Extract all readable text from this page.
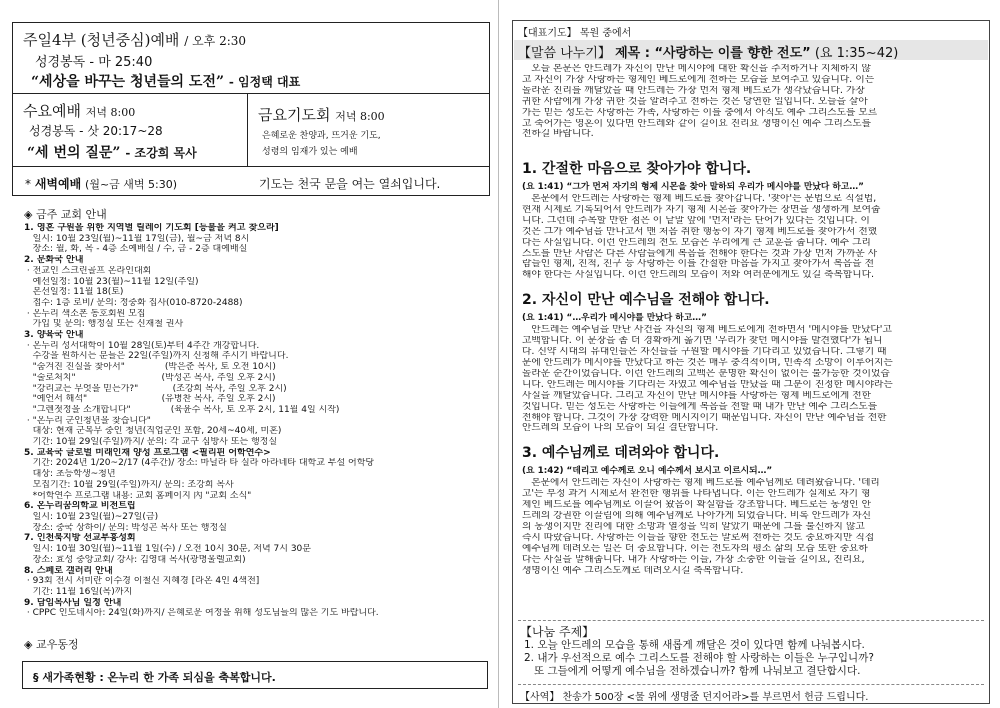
주일4부 (청년중심)예배 / 오후 2:30
성경봉독 - 마 25:40
“세상을 바꾸는 청년들의 도전” - 임정택 대표
수요예배 저녁 8:00
성경봉독 - 삿 20:17~28
“세 번의 질문” - 조강희 목사
금요기도회 저녁 8:00
은혜로운 찬양과, 뜨거운 기도,
성령의 임재가 있는 예배
* 새벽예배 (월~금 새벽 5:30)	기도는 천국 문을 여는 열쇠입니다.
◈ 금주 교회 안내
1. 영혼 구원을 위한 지역별 릴레이 기도회 [등불을 켜고 찾으라]
일시: 10월 23일(월)~11월 17일(금), 월~금 저녁 8시
장소: 월, 화, 목 - 4층 소예배실 / 수, 금 - 2층 대예배실
2. 문화국 안내
· 전교인 스크린골프 온라인대회
예선일정: 10월 23(월)~11월 12일(주일)
본선일정: 11월 18(토)
접수: 1층 로비/ 문의: 정중화 집사(010-8720-2488)
· 온누리 색소폰 동호회원 모집
가입 및 문의: 행정실 또는 신재철 권사
3. 양육국 안내
· 온누리 성서대학이 10월 28일(토)부터 4주간 개강합니다.
수강을 원하시는 분들은 22일(주일)까지 신청해 주시기 바랍니다.
"숨겨진 진실을 찾아서"              (박은준 목사, 토 오전 10시)
"술로처치"                              (박성곤 목사, 주일 오후 2시)
"강리교는 무엇을 믿는가?"            (조강희 목사, 주일 오후 2시)
"예언서 해석"                          (유병찬 목사, 주일 오후 2시)
"그렌젓정을 소개합니다"              (육윤수 목사, 토 오후 2시, 11월 4일 시작)
· "온누리 군인청년을 찾습니다"
대상: 현재 군복무 중인 청년(직업군인 포함, 20세~40세, 미혼)
기간: 10월 29일(주일)까지/ 문의: 각 교구 심방사 또는 행정실
5. 교육국 글로벌 미래인재 양성 프로그램 <필리핀 어학연수>
기간: 2024년 1/20~2/17 (4주간)/ 장소: 마닐라 타 실라 아라네타 대학교 부설 어학당
대상: 초등학생~청년
모집기간: 10월 29일(주일)까지/ 문의: 조강희 목사
*어학연수 프로그램 내용: 교회 홈페이지 內 "교회 소식"
6. 온누리꿈의학교 비전트립
일시: 10월 23일(월)~27일(금)
장소: 중국 상하이/ 문의: 박성곤 목사 또는 행정실
7. 인천북지방 선교부흥성회
일시: 10월 30일(월)~11월 1일(수) / 오전 10시 30분, 저녁 7시 30분
장소: 효성 중앙교회/ 강사: 김영대 목사(광명울렐교회)
8. 스페로 갤러리 안내
· 93회 전시 서미란 이수경 이철신 지혜경 [라온 4인 4색전]
기간: 11월 16일(목)까지
9. 담임목사님 일정 안내
· CPPC 인도네시아: 24일(화)까지/ 은혜로운 여정을 위해 성도님들의 많은 기도 바랍니다.
◈ 교우동정
§ 새가족현황 : 온누리 한 가족 되심을 축복합니다.
【대표기도】 목원 중에서
【말씀 나누기】 제목 : “사랑하는 이를 향한 전도” (요 1:35~42)
오늘 본문은 안드레가 자신이 만난 메시야에 대한 확신을 주저하거나 지체하지 않
고 자신이 가장 사랑하는 형제인 베드로에게 전하는 모습을 보여주고 있습니다. 이는
놀라운 진리를 깨달았을 때 안드레는 가장 먼저 형제 베드로가 생각났습니다. 가장
귀한 사람에게 가장 귀한 것을 알려주고 전하는 것은 당연한 일입니다. 오늘을 살아
가는 믿는 성도는 사랑하는 가족, 사랑하는 이를 충에서 아직도 예수 그리스도를 모르
고 죽어가는 영혼이 있다면 안드레와 같이 길이요 진리요 생명이신 예수 그리스도를
전하길 바랍니다.
1. 간절한 마음으로 찾아가야 합니다.
(요 1:41) “그가 먼저 자기의 형제 시몬을 찾아 말하되 우리가 메시야를 만났다 하고…”
본문에서 안드레는 사랑하는 형제 베드로를 찾아갑니다. '찾아'는 문법으로 직설법,
현재 시제로 기록되어서 안드레가 자기 형제 시몬을 찾아가는 장면을 생생하게 보여줍
니다. 그런데 주목할 만한 점은 이 낱말 앞에 '먼저'라는 단어가 있다는 것입니다. 이
것은 그가 예수님을 만나고서 맨 처음 취한 행동이 자기 형제 베드로를 찾아가서 전했
다는 사실입니다. 이런 안드레의 전도 모습은 우리에게 큰 교훈을 줍니다. 예수 그리
스도를 만난 사람은 다른 사람들에게 복음을 전해야 한다는 것과 가장 먼저 가까운 사
람들인 형제, 친척, 친구 등 사랑하는 이를 간절한 마음을 가지고 찾아가서 복음을 전
해야 한다는 사실입니다. 이런 안드레의 모습이 저와 여러분에게도 있길 축복합니다.
2. 자신이 만난 예수님을 전해야 합니다.
(요 1:41) “…우리가 메시야를 만났다 하고…”
안드레는 예수님을 만난 사건을 자신의 형제 베드로에게 전하면서 '메시야를 만났다'고
고백합니다. 이 문장을 좀 더 경확하게 옮기면 '우리가 찾던 메시야를 발견했다'가 됩니
다. 신약 시대의 유대인들은 자신들을 구원할 메시야를 기다리고 있었습니다. 그렇기 때
문에 안드레가 메시야를 만났다고 하는 것은 매우 충격적이며, 민족적 소망이 이루어지는
놀라운 순간이었습니다. 이런 안드레의 고백은 분명한 확신이 없이는 불가능한 것이었습
니다. 안드레는 메시야를 기다리는 자였고 예수님을 만났을 때 그분이 진정한 메시야라는
사실을 깨달았습니다. 그리고 자신이 만난 메시야를 사랑하는 형제 베드로에게 전한
것입니다. 믿는 성도는 사랑하는 이들에게 복음을 전할 때 내가 만난 예수 그리스도를
전해야 합니다. 그것이 가장 강력한 메시지이기 때문입니다. 자신이 만난 예수님을 전한
안드레의 모습이 나의 모습이 되길 결단합니다.
3. 예수님께로 데려와야 합니다.
(요 1:42) “데리고 예수께로 오니 예수께서 보시고 이르시되…”
본문에서 안드레는 자신이 사랑하는 형제 베드로를 예수님께로 데려왔습니다. '데리
고'는 부정 과거 시제로서 완전한 행위를 나타냅니다. 이는 안드레가 실제로 자기 형
제인 베드로를 예수님께로 이끌어 왔음이 확실함을 강조합니다. 베드로는 동생인 안
드레의 강권한 이끌림에 의해 예수님께로 나아가게 되었습니다. 비록 안드레가 자신
의 동생이지만 진리에 대한 소망과 열정을 익히 알았기 때문에 그를 불신하지 않고
즉시 따랐습니다. 사랑하는 이들을 향한 전도는 말로써 전하는 것도 중요하지만 직접
예수님께 데려오는 일은 더 중요합니다. 이는 전도자의 평소 삶의 모습 또한 중요하
다는 사실을 말해줍니다. 내가 사랑하는 이들, 가장 소중한 이들을 길이요, 진리요,
생명이신 예수 그리스도께로 데려오시길 축복합니다.
【나눔 주제】
1. 오늘 안드레의 모습을 통해 새롭게 깨달은 것이 있다면 함께 나눠봅시다.
2. 내가 우선적으로 예수 그리스도를 전해야 할 사랑하는 이들은 누구입니까?
또 그들에게 어떻게 예수님을 전하겠습니까? 함께 나눠보고 결단합시다.
【사역】 찬송가 500장 <물 위에 생명줄 던지어라>를 부르면서 헌금 드립니다.
